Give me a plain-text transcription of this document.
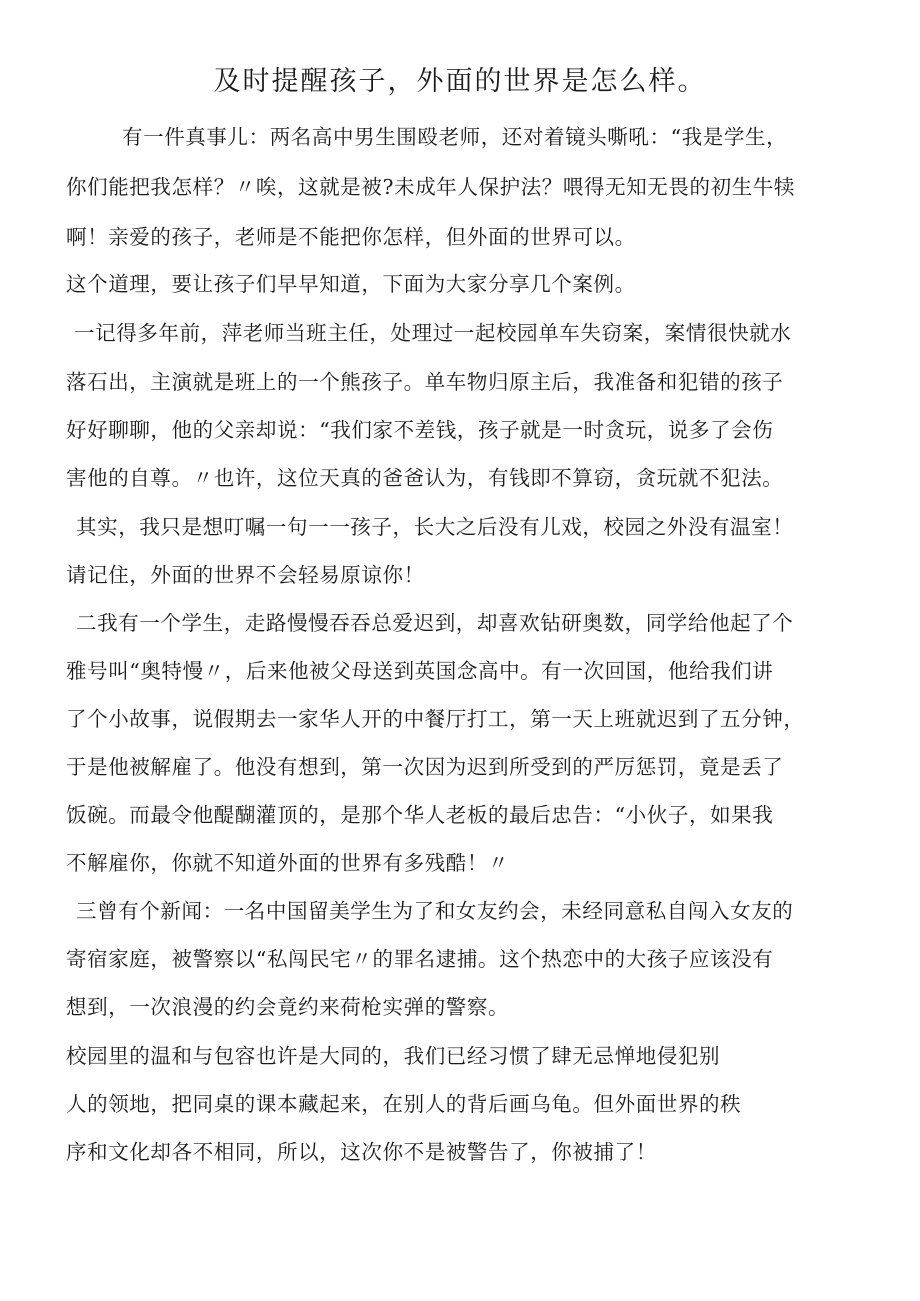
及时提醒孩子，外面的世界是怎么样。
有一件真事儿：两名高中男生围殴老师，还对着镜头嘶吼：“我是学生，
你们能把我怎样？〃唉，这就是被?未成年人保护法？喂得无知无畏的初生牛犊
啊！亲爱的孩子，老师是不能把你怎样，但外面的世界可以。
这个道理，要让孩子们早早知道，下面为大家分享几个案例。
一记得多年前，萍老师当班主任，处理过一起校园单车失窃案，案情很快就水
落石出，主演就是班上的一个熊孩子。单车物归原主后，我准备和犯错的孩子
好好聊聊，他的父亲却说：“我们家不差钱，孩子就是一时贪玩，说多了会伤
害他的自尊。〃也许，这位天真的爸爸认为，有钱即不算窃，贪玩就不犯法。
其实，我只是想叮嘱一句一一孩子，长大之后没有儿戏，校园之外没有温室！
请记住，外面的世界不会轻易原谅你！
二我有一个学生，走路慢慢吞吞总爱迟到，却喜欢钻研奥数，同学给他起了个
雅号叫“奥特慢〃，后来他被父母送到英国念高中。有一次回国，他给我们讲
了个小故事，说假期去一家华人开的中餐厅打工，第一天上班就迟到了五分钟，
于是他被解雇了。他没有想到，第一次因为迟到所受到的严厉惩罚，竟是丢了
饭碗。而最令他醍醐灌顶的，是那个华人老板的最后忠告：“小伙子，如果我
不解雇你，你就不知道外面的世界有多残酷！〃
三曾有个新闻：一名中国留美学生为了和女友约会，未经同意私自闯入女友的
寄宿家庭，被警察以“私闯民宅〃的罪名逮捕。这个热恋中的大孩子应该没有
想到，一次浪漫的约会竟约来荷枪实弹的警察。
校园里的温和与包容也许是大同的，我们已经习惯了肆无忌惮地侵犯别
人的领地，把同桌的课本藏起来，在别人的背后画乌龟。但外面世界的秩
序和文化却各不相同，所以，这次你不是被警告了，你被捕了！
